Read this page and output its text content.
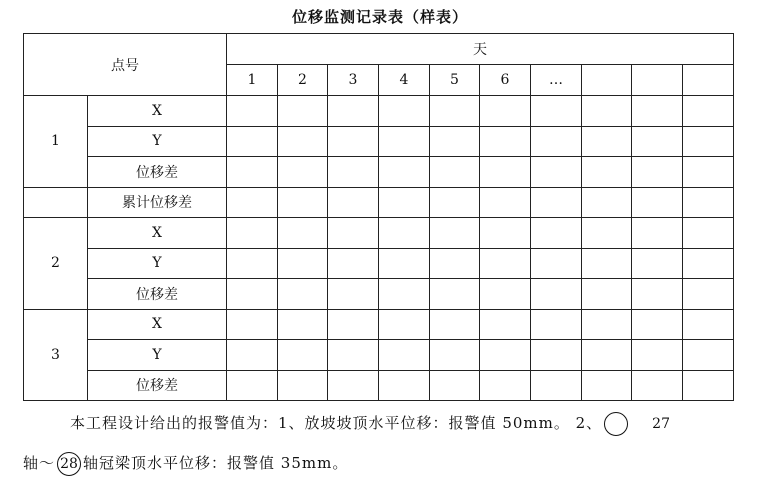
位移监测记录表（样表）
点号		天									
		1	2	3	4	5	6	…			
1	X										
	Y										
	位移差										
	累计位移差										
2	X										
	Y										
	位移差										
3	X										
	Y										
	位移差										
本工程设计给出的报警值为：1、放坡坡顶水平位移：报警值 50mm。 2、	27
轴～ 28 轴冠梁顶水平位移：报警值 35mm。
